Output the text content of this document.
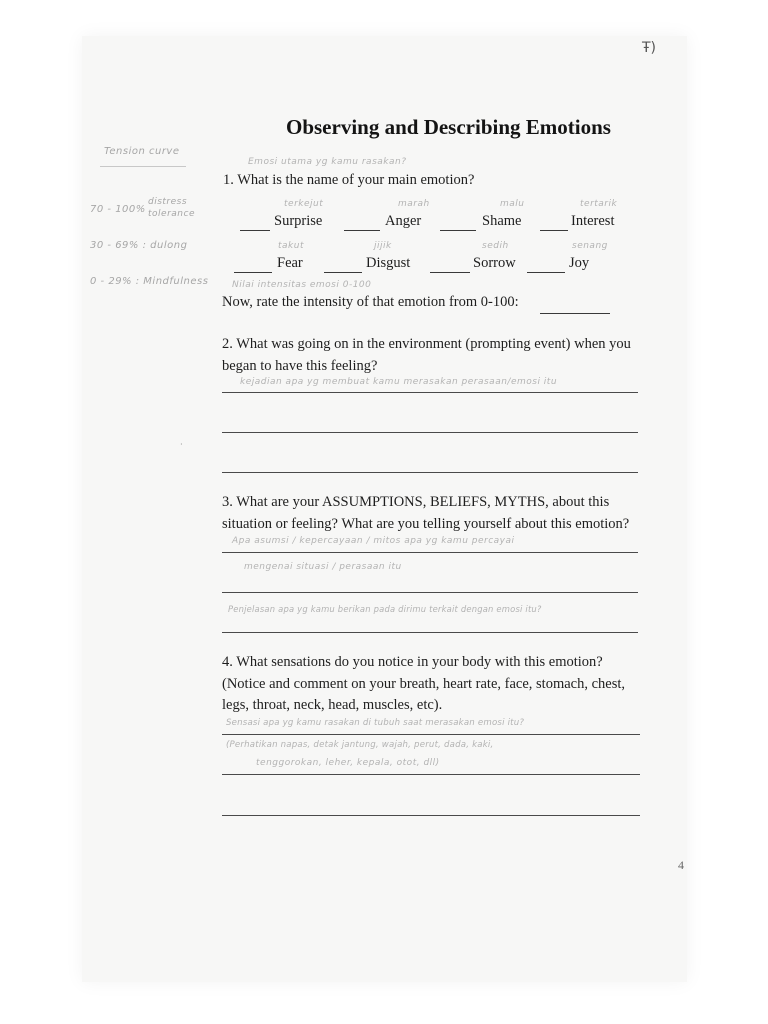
Ŧ)
Observing and Describing Emotions
Tension curve
70 - 100%
distress tolerance
30 - 69% : dulong
0 - 29% : Mindfulness
Emosi utama yg kamu rasakan?
1. What is the name of your main emotion?
terkejut
Surprise
marah
Anger
malu
Shame
tertarik
Interest
takut
Fear
jijik
Disgust
sedih
Sorrow
senang
Joy
Nilai intensitas emosi 0-100
Now, rate the intensity of that emotion from 0-100:
2. What was going on in the environment (prompting event) when you
began to have this feeling?
kejadian apa yg membuat kamu merasakan perasaan/emosi itu
3. What are your ASSUMPTIONS, BELIEFS, MYTHS, about this
situation or feeling? What are you telling yourself about this emotion?
Apa asumsi / kepercayaan / mitos apa yg kamu percayai
mengenai situasi / perasaan itu
Penjelasan apa yg kamu berikan pada dirimu terkait dengan emosi itu?
4. What sensations do you notice in your body with this emotion?
(Notice and comment on your breath, heart rate, face, stomach, chest,
legs, throat, neck, head, muscles, etc).
Sensasi apa yg kamu rasakan di tubuh saat merasakan emosi itu?
(Perhatikan napas, detak jantung, wajah, perut, dada, kaki,
tenggorokan, leher, kepala, otot, dll)
4
·
